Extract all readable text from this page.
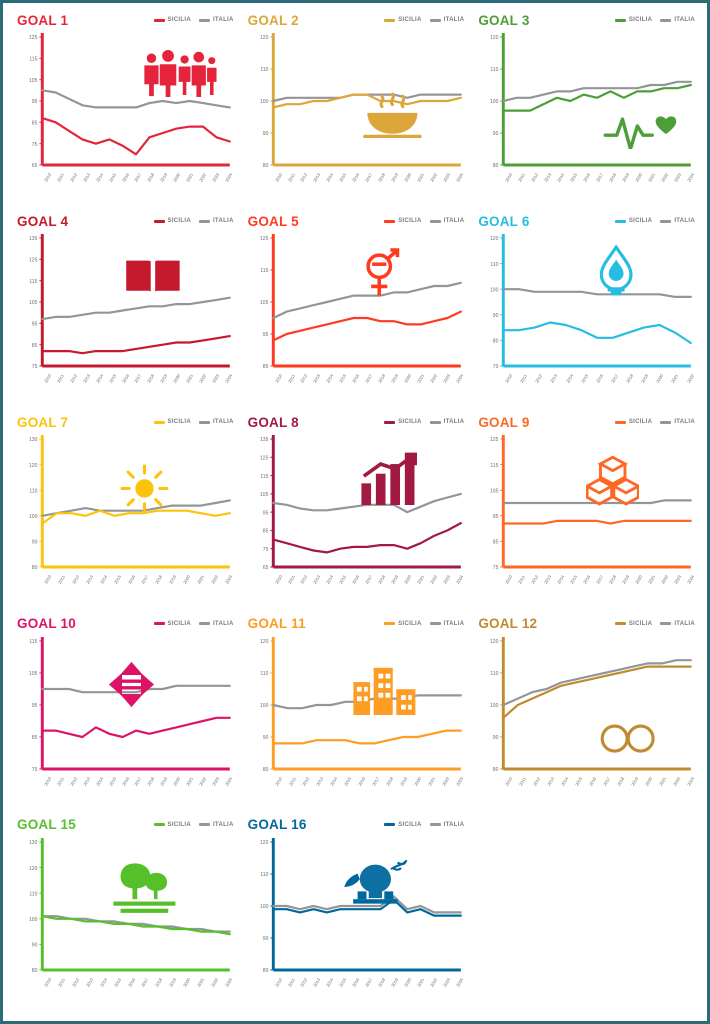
GOAL 1	SICILIA	ITALIA
65
75
85
95
105
115
125
2010 2011 2012 2013 2014 2015 2016 2017 2018 2019 2020 2021 2022 2023 2024
GOAL 2	SICILIA	ITALIA
80
90
100
110
120
2010 2011 2012 2013 2014 2015 2016 2017 2018 2019 2020 2021 2022 2023 2024
GOAL 3	SICILIA	ITALIA
80
90
100
110
120
2010 2011 2012 2013 2014 2015 2016 2017 2018 2019 2020 2021 2022 2023 2024
GOAL 4	SICILIA	ITALIA
75
85
95
105
115
125
135
2010 2011 2012 2013 2014 2015 2016 2017 2018 2019 2020 2021 2022 2023 2024
GOAL 5	SICILIA	ITALIA
85
95
105
115
125
2010 2011 2012 2013 2014 2015 2016 2017 2018 2019 2020 2021 2022 2023 2024
GOAL 6	SICILIA	ITALIA
70
80
90
100
110
120
2010 2011 2012 2013 2014 2015 2016 2017 2018 2019 2020 2021 2022
GOAL 7	SICILIA	ITALIA
80
90
100
110
120
130
2010 2011 2012 2013 2014 2015 2016 2017 2018 2019 2020 2021 2022 2023
GOAL 8	SICILIA	ITALIA
65
75
85
95
105
115
125
135
2010 2011 2012 2013 2014 2015 2016 2017 2018 2019 2020 2021 2022 2023 2024
GOAL 9	SICILIA	ITALIA
75
85
95
105
115
125
2010 2011 2012 2013 2014 2015 2016 2017 2018 2019 2020 2021 2022 2023 2024
GOAL 10	SICILIA	ITALIA
75
85
95
105
115
2010 2011 2012 2013 2014 2015 2016 2017 2018 2019 2020 2021 2022 2023 2024
GOAL 11	SICILIA	ITALIA
80
90
100
110
120
2010 2011 2012 2013 2014 2015 2016 2017 2018 2019 2020 2021 2022 2023
GOAL 12	SICILIA	ITALIA
80
90
100
110
120
2010 2011 2012 2013 2014 2015 2016 2017 2018 2019 2020 2021 2022 2023
GOAL 15	SICILIA	ITALIA
80
90
100
110
120
130
2010 2011 2012 2013 2014 2015 2016 2017 2018 2019 2020 2021 2022 2023
GOAL 16	SICILIA	ITALIA
80
90
100
110
120
2010 2011 2012 2013 2014 2015 2016 2017 2018 2019 2020 2021 2022 2023 2024
